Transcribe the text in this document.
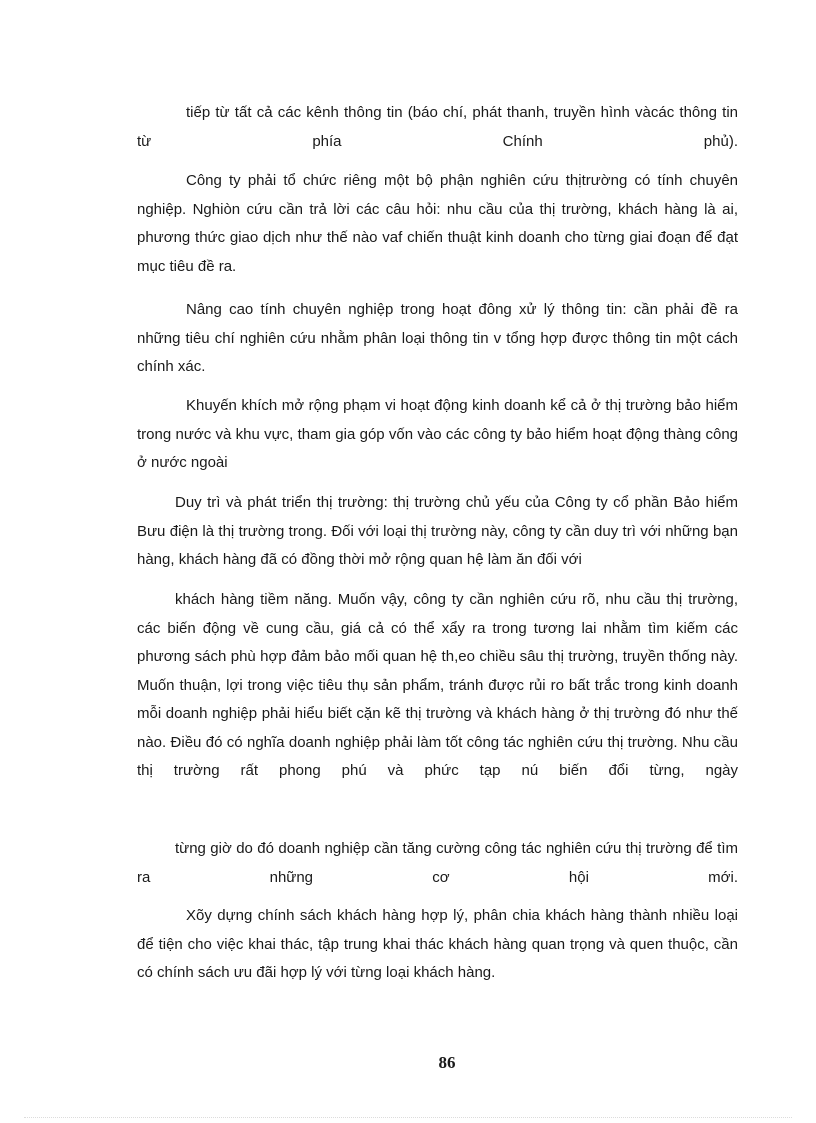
tiếp từ tất cả các kênh thông tin (báo chí, phát thanh, truyền hình vàcác thông tin từ phía Chính phủ).

Công ty phải tổ chức riêng một bộ phận nghiên cứu thịtrường có tính chuyên nghiệp. Nghiòn cứu cần trả lời các câu hỏi: nhu cầu của thị trường, khách hàng là ai, phương thức giao dịch như thế nào vaf chiến thuật kinh doanh cho từng giai đoạn để đạt mục tiêu đề ra.

Nâng cao tính chuyên nghiệp trong hoạt đông xử lý thông tin: cần phải đề ra những tiêu chí nghiên cứu nhằm phân loại thông tin v tổng hợp được thông tin một cách chính xác.

Khuyến khích mở rộng phạm vi hoạt động kinh doanh kể cả ở thị trường bảo hiểm trong nước và khu vực, tham gia góp vốn vào các công ty bảo hiểm hoạt động thàng công ở nước ngoài

Duy trì và phát triển thị trường: thị trường chủ yếu của Công ty cổ phần Bảo hiểm Bưu điện là thị trường trong. Đối với loại thị trường này, công ty cần duy trì với những bạn hàng, khách hàng đã có đồng thời mở rộng quan hệ làm ăn đối với

khách hàng tiềm năng. Muốn vậy, công ty cần nghiên cứu rõ, nhu cầu thị trường, các biến động về cung cầu, giá cả có thể xẩy ra trong tương lai nhằm tìm kiếm các phương sách phù hợp đảm bảo mối quan hệ th,eo chiều sâu thị trường, truyền thống này. Muốn thuận, lợi trong việc tiêu thụ sản phẩm, tránh được rủi ro bất trắc trong kinh doanh mỗi doanh nghiệp phải hiểu biết cặn kẽ thị trường và khách hàng ở thị trường đó như thế nào. Điều đó có nghĩa doanh nghiệp phải làm tốt công tác nghiên cứu thị trường. Nhu cầu thị trường rất phong phú và phức tạp nú biến đổi từng, ngày

từng giờ do đó doanh nghiệp cần tăng cường công tác nghiên cứu thị trường để tìm ra những cơ hội mới.

Xõy dựng chính sách khách hàng hợp lý, phân chia khách hàng thành nhiều loại để tiện cho việc khai thác, tập trung khai thác khách hàng quan trọng và quen thuộc, cần có chính sách ưu đãi hợp lý với từng loại khách hàng.

86
